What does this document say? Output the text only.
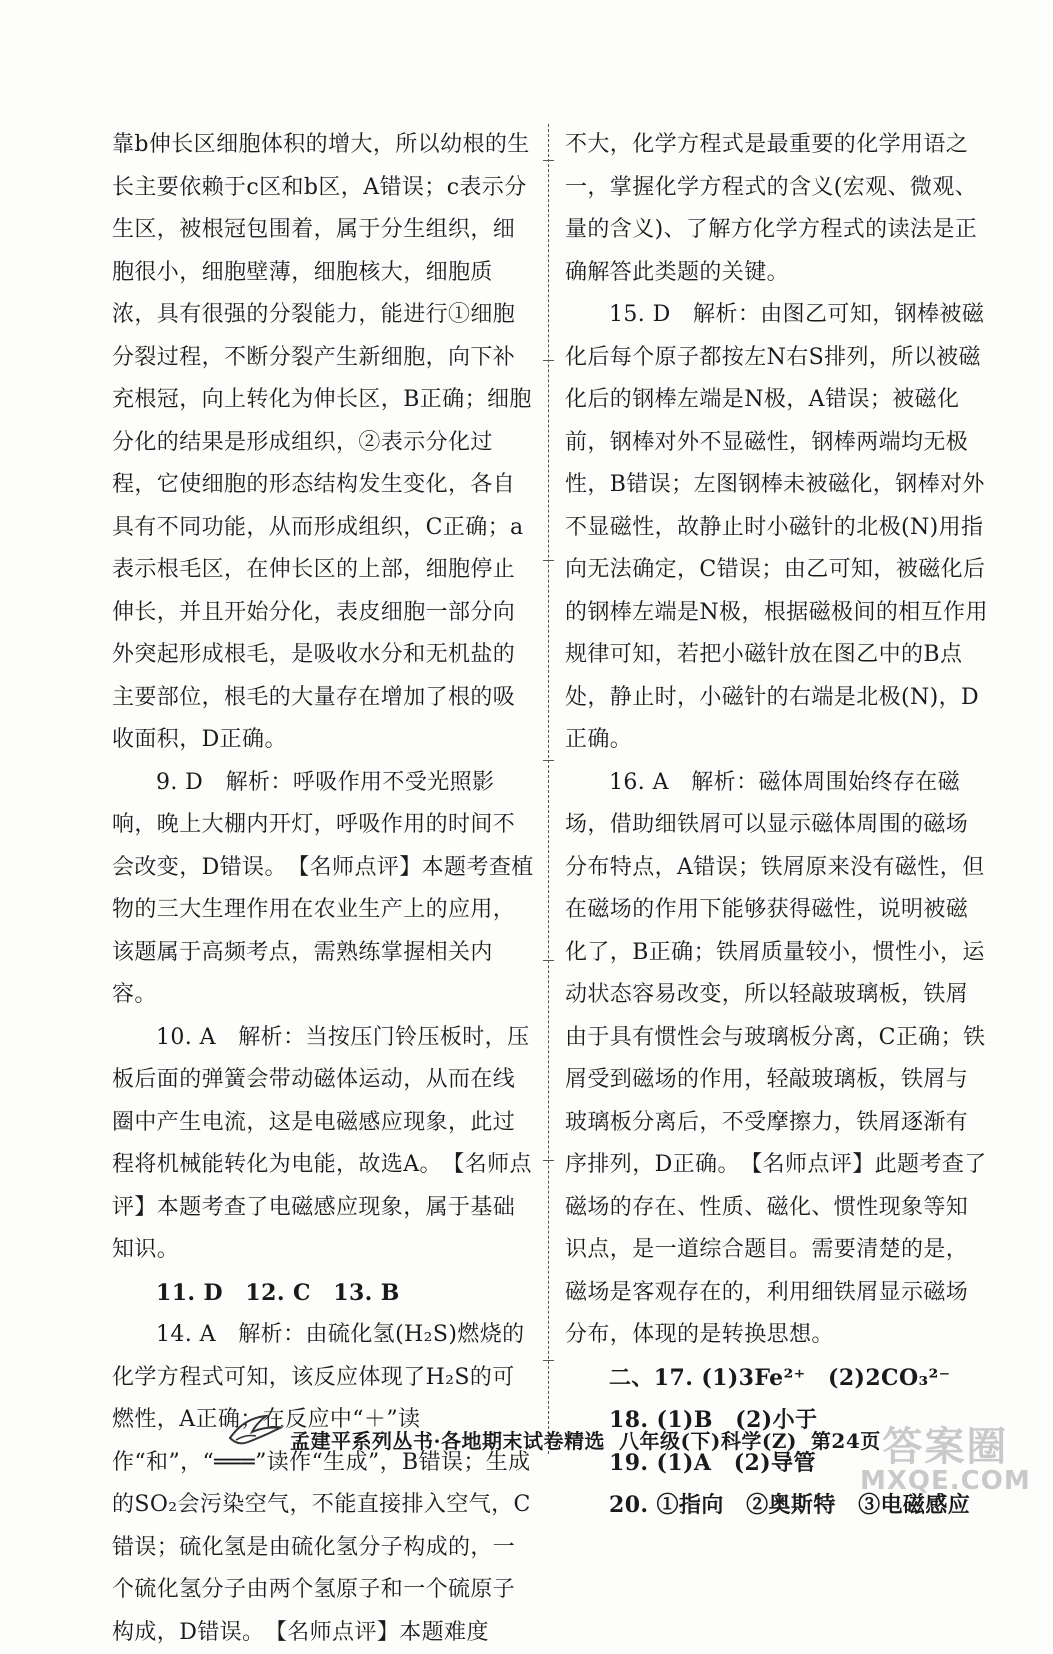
靠b伸长区细胞体积的增大，所以幼根的生长主要依赖于c区和b区，A错误；c表示分生区，被根冠包围着，属于分生组织，细胞很小，细胞壁薄，细胞核大，细胞质浓，具有很强的分裂能力，能进行①细胞分裂过程，不断分裂产生新细胞，向下补充根冠，向上转化为伸长区，B正确；细胞分化的结果是形成组织，②表示分化过程，它使细胞的形态结构发生变化，各自具有不同功能，从而形成组织，C正确；a表示根毛区，在伸长区的上部，细胞停止伸长，并且开始分化，表皮细胞一部分向外突起形成根毛，是吸收水分和无机盐的主要部位，根毛的大量存在增加了根的吸收面积，D正确。

9. D　解析：呼吸作用不受光照影响，晚上大棚内开灯，呼吸作用的时间不会改变，D错误。　【名师点评】本题考查植物的三大生理作用在农业生产上的应用，该题属于高频考点，需熟练掌握相关内容。

10. A　解析：当按压门铃压板时，压板后面的弹簧会带动磁体运动，从而在线圈中产生电流，这是电磁感应现象，此过程将机械能转化为电能，故选A。　【名师点评】本题考查了电磁感应现象，属于基础知识。

11. D　12. C　13. B

14. A　解析：由硫化氢(H₂S)燃烧的化学方程式可知，该反应体现了H₂S的可燃性，A正确；在反应中“＋”读作“和”，“═══”读作“生成”，B错误；生成的SO₂会污染空气，不能直接排入空气，C错误；硫化氢是由硫化氢分子构成的，一个硫化氢分子由两个氢原子和一个硫原子构成，D错误。　【名师点评】本题难度

不大，化学方程式是最重要的化学用语之一，掌握化学方程式的含义(宏观、微观、量的含义)、了解方化学方程式的读法是正确解答此类题的关键。

15. D　解析：由图乙可知，钢棒被磁化后每个原子都按左N右S排列，所以被磁化后的钢棒左端是N极，A错误；被磁化前，钢棒对外不显磁性，钢棒两端均无极性，B错误；左图钢棒未被磁化，钢棒对外不显磁性，故静止时小磁针的北极(N)用指向无法确定，C错误；由乙可知，被磁化后的钢棒左端是N极，根据磁极间的相互作用规律可知，若把小磁针放在图乙中的B点处，静止时，小磁针的右端是北极(N)，D正确。

16. A　解析：磁体周围始终存在磁场，借助细铁屑可以显示磁体周围的磁场分布特点，A错误；铁屑原来没有磁性，但在磁场的作用下能够获得磁性，说明被磁化了，B正确；铁屑质量较小，惯性小，运动状态容易改变，所以轻敲玻璃板，铁屑由于具有惯性会与玻璃板分离，C正确；铁屑受到磁场的作用，轻敲玻璃板，铁屑与玻璃板分离后，不受摩擦力，铁屑逐渐有序排列，D正确。　【名师点评】此题考查了磁场的存在、性质、磁化、惯性现象等知识点，是一道综合题目。需要清楚的是，磁场是客观存在的，利用细铁屑显示磁场分布，体现的是转换思想。

二、17. (1)3Fe²⁺　(2)2CO₃²⁻

18. (1)B　(2)小于

19. (1)A　(2)导管

20. ①指向　②奥斯特　③电磁感应

孟建平系列丛书·各地期末试卷精选 八年级(下)科学(Z) 第24页 答案圈
MXQE.COM
